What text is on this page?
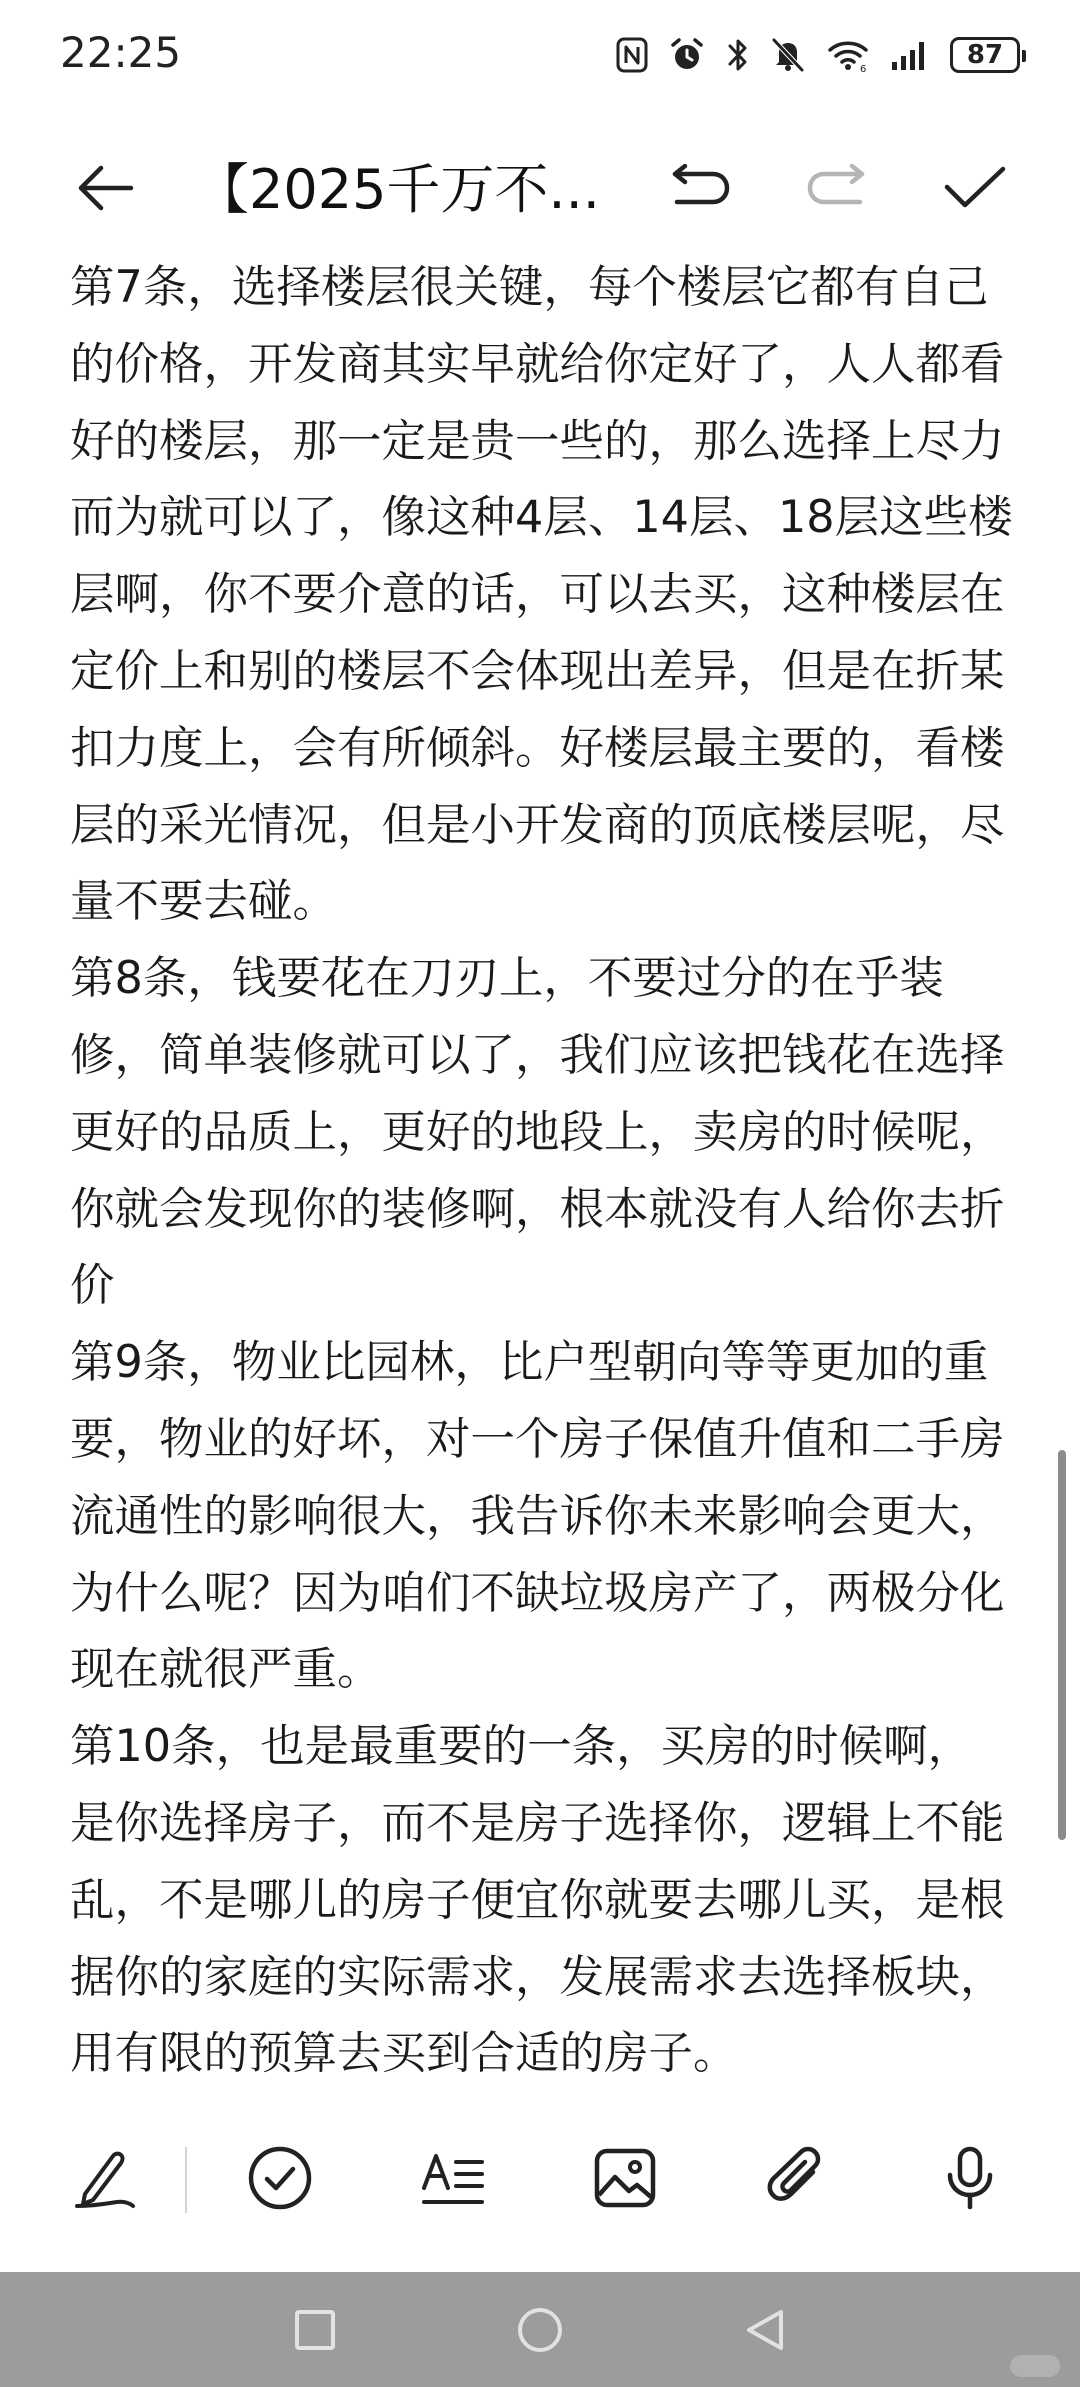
22:25	6	87
【2025千万不...

第7条，选择楼层很关键，每个楼层它都有自己的价格，开发商其实早就给你定好了，人人都看好的楼层，那一定是贵一些的，那么选择上尽力而为就可以了，像这种4层、14层、18层这些楼层啊，你不要介意的话，可以去买，这种楼层在定价上和别的楼层不会体现出差异，但是在折某扣力度上，会有所倾斜。好楼层最主要的，看楼层的采光情况，但是小开发商的顶底楼层呢，尽量不要去碰。

第8条，钱要花在刀刃上，不要过分的在乎装修，简单装修就可以了，我们应该把钱花在选择更好的品质上，更好的地段上，卖房的时候呢，你就会发现你的装修啊，根本就没有人给你去折价

第9条，物业比园林，比户型朝向等等更加的重要，物业的好坏，对一个房子保值升值和二手房流通性的影响很大，我告诉你未来影响会更大，为什么呢？因为咱们不缺垃圾房产了，两极分化现在就很严重。

第10条，也是最重要的一条，买房的时候啊，是你选择房子，而不是房子选择你，逻辑上不能乱，不是哪儿的房子便宜你就要去哪儿买，是根据你的家庭的实际需求，发展需求去选择板块，用有限的预算去买到合适的房子。
